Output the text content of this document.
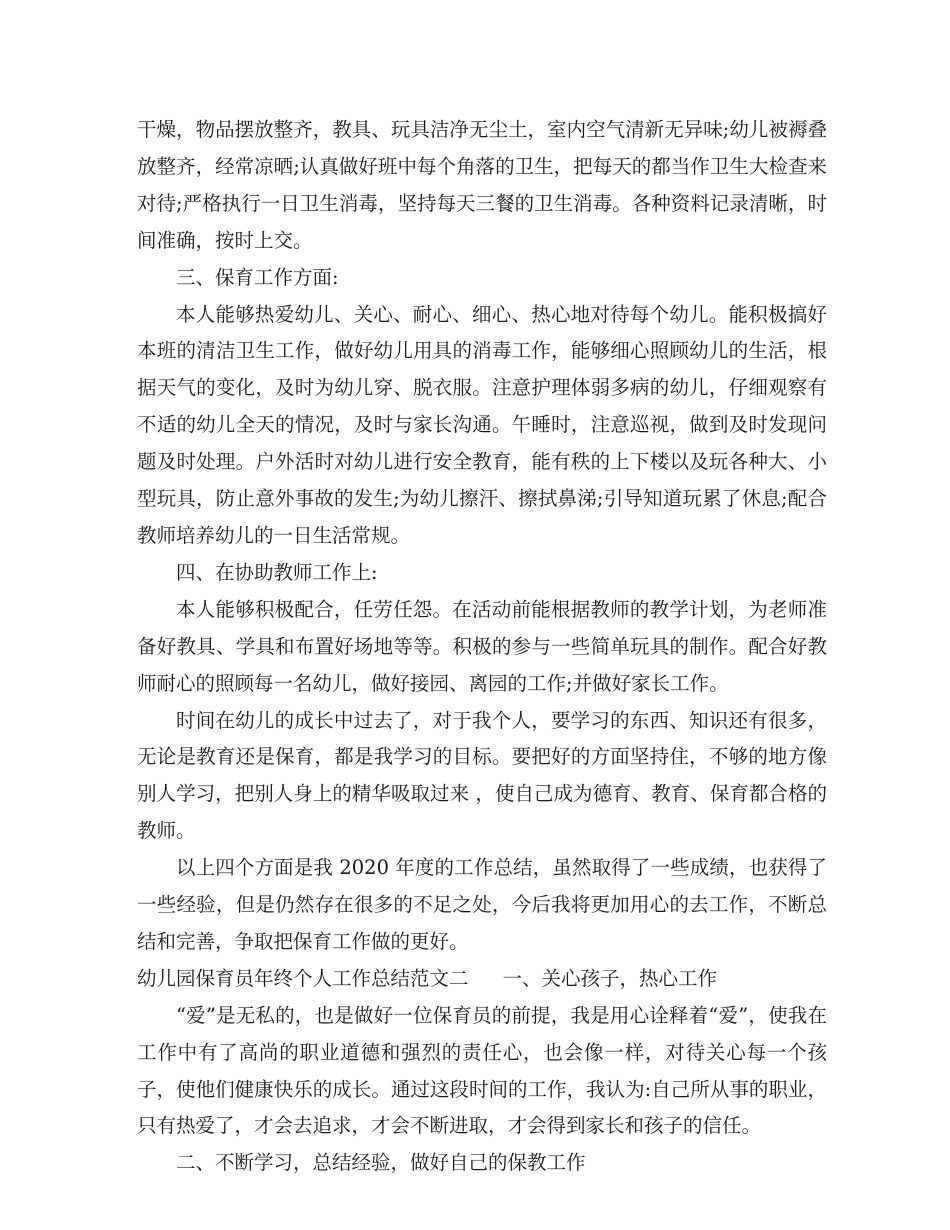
干燥，物品摆放整齐，教具、玩具洁净无尘土，室内空气清新无异味;幼儿被褥叠放整齐，经常凉晒;认真做好班中每个角落的卫生，把每天的都当作卫生大检查来对待;严格执行一日卫生消毒，坚持每天三餐的卫生消毒。各种资料记录清晰，时间准确，按时上交。

三、保育工作方面:

本人能够热爱幼儿、关心、耐心、细心、热心地对待每个幼儿。能积极搞好本班的清洁卫生工作，做好幼儿用具的消毒工作，能够细心照顾幼儿的生活，根据天气的变化，及时为幼儿穿、脱衣服。注意护理体弱多病的幼儿，仔细观察有不适的幼儿全天的情况，及时与家长沟通。午睡时，注意巡视，做到及时发现问题及时处理。户外活时对幼儿进行安全教育，能有秩的上下楼以及玩各种大、小型玩具，防止意外事故的发生;为幼儿擦汗、擦拭鼻涕;引导知道玩累了休息;配合教师培养幼儿的一日生活常规。

四、在协助教师工作上:

本人能够积极配合，任劳任怨。在活动前能根据教师的教学计划，为老师准备好教具、学具和布置好场地等等。积极的参与一些简单玩具的制作。配合好教师耐心的照顾每一名幼儿，做好接园、离园的工作;并做好家长工作。

时间在幼儿的成长中过去了，对于我个人，要学习的东西、知识还有很多，无论是教育还是保育，都是我学习的目标。要把好的方面坚持住，不够的地方像别人学习，把别人身上的精华吸取过来 ，使自己成为德育、教育、保育都合格的教师。

以上四个方面是我 2020 年度的工作总结，虽然取得了一些成绩，也获得了一些经验，但是仍然存在很多的不足之处，今后我将更加用心的去工作，不断总结和完善，争取把保育工作做的更好。

幼儿园保育员年终个人工作总结范文二 一、关心孩子，热心工作

“爱”是无私的，也是做好一位保育员的前提，我是用心诠释着“爱”，使我在工作中有了高尚的职业道德和强烈的责任心，也会像一样，对待关心每一个孩子，使他们健康快乐的成长。通过这段时间的工作，我认为:自己所从事的职业，只有热爱了，才会去追求，才会不断进取，才会得到家长和孩子的信任。

二、不断学习，总结经验，做好自己的保教工作
